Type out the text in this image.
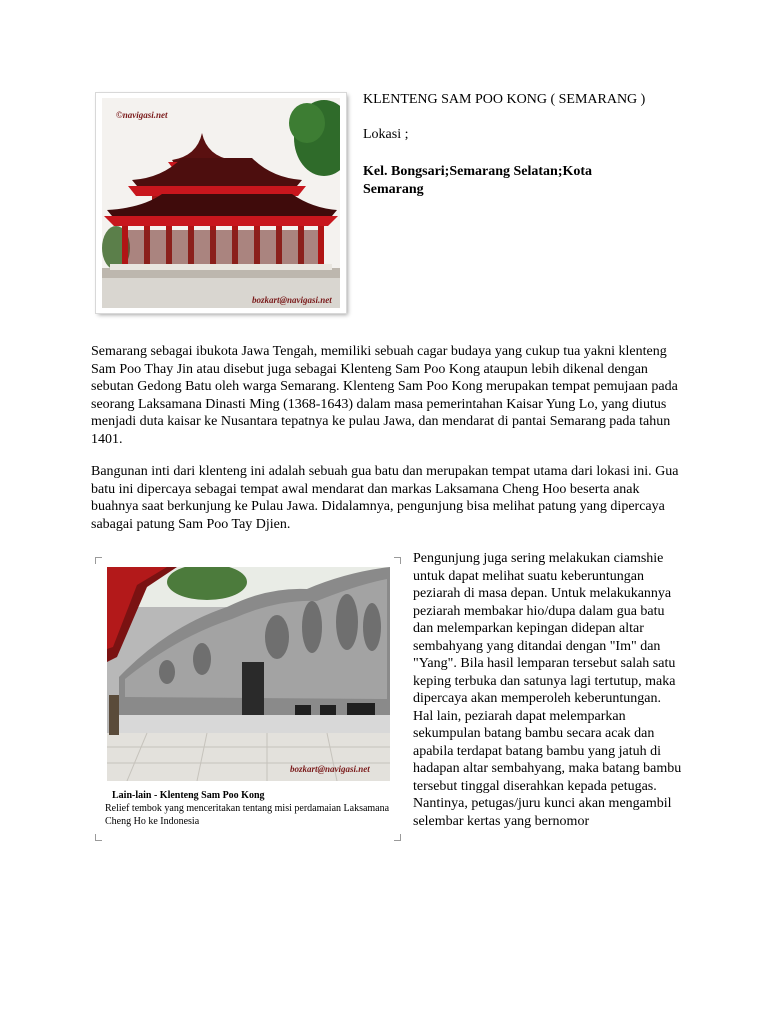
©navigasi.net
bozkart@navigasi.net
KLENTENG SAM POO KONG ( SEMARANG )
Lokasi ;
Kel. Bongsari;Semarang Selatan;Kota Semarang
Semarang sebagai ibukota Jawa Tengah, memiliki sebuah cagar budaya yang cukup tua yakni klenteng Sam Poo Thay Jin atau disebut juga sebagai Klenteng Sam Poo Kong ataupun lebih dikenal dengan sebutan Gedong Batu oleh warga Semarang. Klenteng Sam Poo Kong merupakan tempat pemujaan pada seorang Laksamana Dinasti Ming (1368-1643) dalam masa pemerintahan Kaisar Yung Lo, yang diutus menjadi duta kaisar ke Nusantara tepatnya ke pulau Jawa, dan mendarat di pantai Semarang pada tahun 1401.
Bangunan inti dari klenteng ini adalah sebuah gua batu dan merupakan tempat utama dari lokasi ini. Gua batu ini dipercaya sebagai tempat awal mendarat dan markas Laksamana Cheng Hoo beserta anak buahnya saat berkunjung ke Pulau Jawa. Didalamnya, pengunjung bisa melihat patung yang dipercaya sabagai patung Sam Poo Tay Djien.
bozkart@navigasi.net
Lain-lain - Klenteng Sam Poo Kong
Relief tembok yang menceritakan tentang misi perdamaian Laksamana Cheng Ho ke Indonesia
Pengunjung juga sering melakukan ciamshie untuk dapat melihat suatu keberuntungan peziarah di masa depan. Untuk melakukannya peziarah membakar hio/dupa dalam gua batu dan melemparkan kepingan didepan altar sembahyang yang ditandai dengan "Im" dan "Yang". Bila hasil lemparan tersebut salah satu keping terbuka dan satunya lagi tertutup, maka dipercaya akan memperoleh keberuntungan. Hal lain, peziarah dapat melemparkan sekumpulan batang bambu secara acak dan apabila terdapat batang bambu yang jatuh di hadapan altar sembahyang, maka batang bambu tersebut tinggal diserahkan kepada petugas. Nantinya, petugas/juru kunci akan mengambil selembar kertas yang bernomor
